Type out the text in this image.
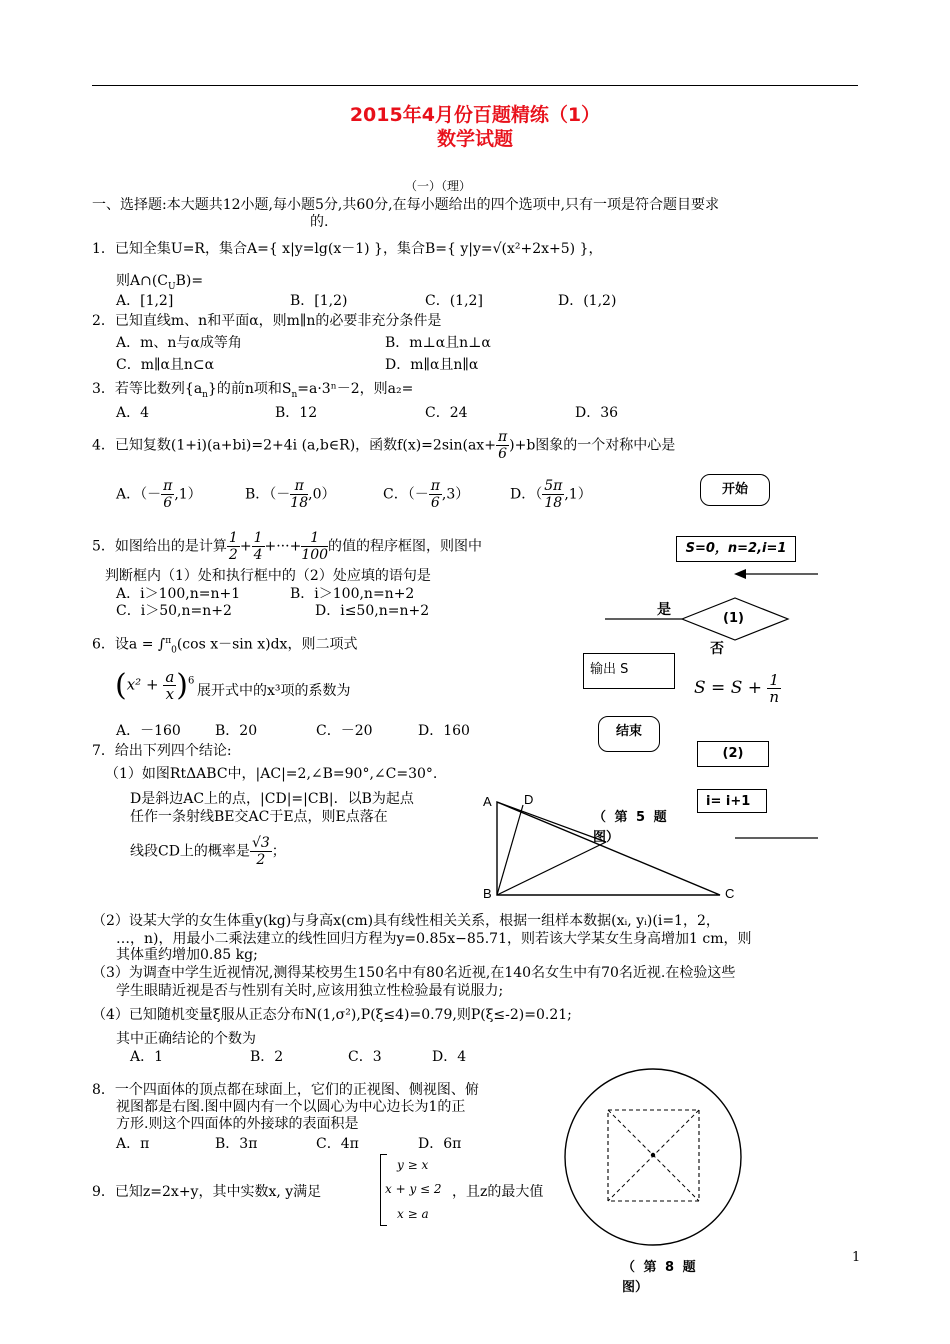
2015年4月份百题精练（1）
数学试题
（一）（理）
一、选择题:本大题共12小题,每小题5分,共60分,在每小题给出的四个选项中,只有一项是符合题目要求
的.
1．已知全集U=R，集合A={ x|y=lg(x－1) }，集合B={ y|y=√(x²+2x+5) }，
则$A\cap(C_UB)=$
A．[1,2]	B．[1,2)	C．(1,2]	D．(1,2)
2．已知直线m、n和平面α，则m∥n的必要非充分条件是
A．m、n与α成等角	B．m⊥α且n⊥α
C．m∥α且n⊂α	D．m∥α且n∥α
3．若等比数列$\{a_n\}$的前n项和$S_n=a\cdot 3^n-2$，则a₂=
A．4	B．12	C．24	D．36
4．已知复数(1+i)(a+bi)=2+4i (a,b∈R)，函数$f(x)=2\sin(ax+ \frac{\pi}{6} )+b$图象的一个对称中心是
A．（－ $\frac{\pi}{6} ,1$）	B．（－ $\frac{\pi}{18} ,0$）	C．（－ $\frac{\pi}{6} ,3$）	D．（ $\frac{5\pi}{18} ,1$）
5．如图给出的是计算 $\frac{1}{2} + \frac{1}{4}$ +···+ $\frac{1}{100}$ 的值的程序框图，则图中
判断框内（1）处和执行框中的（2）处应填的语句是
A．i＞100,n=n+1	B．i＞100,n=n+2
C．i＞50,n=n+2	D．i≤50,n=n+2
开始
S=0，n=2,i=1
(1)
是
否
输出 S
$S = S + \frac{1}{n}$
结束
(2)
i= i+1
（ 第 5 题
图）
6．设a = ∫$^\pi_0$(cos x－sin x)dx，则二项式
$(x^2 + \frac{a}{x} )^6$
展开式中的x³项的系数为
A．－160 B．20	C．－20	D．160
7．给出下列四个结论:
（1）如图RtΔABC中，|AC|=2,∠B=90°,∠C=30°.
D是斜边AC上的点，|CD|=|CB|．以B为起点
任作一条射线BE交AC于E点，则E点落在
线段CD上的概率是 $\frac{√3}{2}$ ；
A D
B	C
（2）设某大学的女生体重y(kg)与身高x(cm)具有线性相关关系，根据一组样本数据(xᵢ, yᵢ)(i=1，2，
…，n)，用最小二乘法建立的线性回归方程为y=0.85x−85.71，则若该大学某女生身高增加1 cm，则
其体重约增加0.85 kg;
（3）为调查中学生近视情况,测得某校男生150名中有80名近视,在140名女生中有70名近视.在检验这些
学生眼睛近视是否与性别有关时,应该用独立性检验最有说服力;
（4）已知随机变量ξ服从正态分布N(1,σ²),P(ξ≤4)=0.79,则P(ξ≤-2)=0.21;
其中正确结论的个数为
A．1	B．2	C．3	D．4
8．一个四面体的顶点都在球面上，它们的正视图、侧视图、俯
视图都是右图.图中圆内有一个以圆心为中心边长为1的正
方形.则这个四面体的外接球的表面积是
A．π	B．3π	C．4π	D．6π
（ 第 8 题
图）
9．已知z=2x+y，其中实数x, y满足
y ≥ x
x + y ≤ 2
x ≥ a
，且z的最大值
1
